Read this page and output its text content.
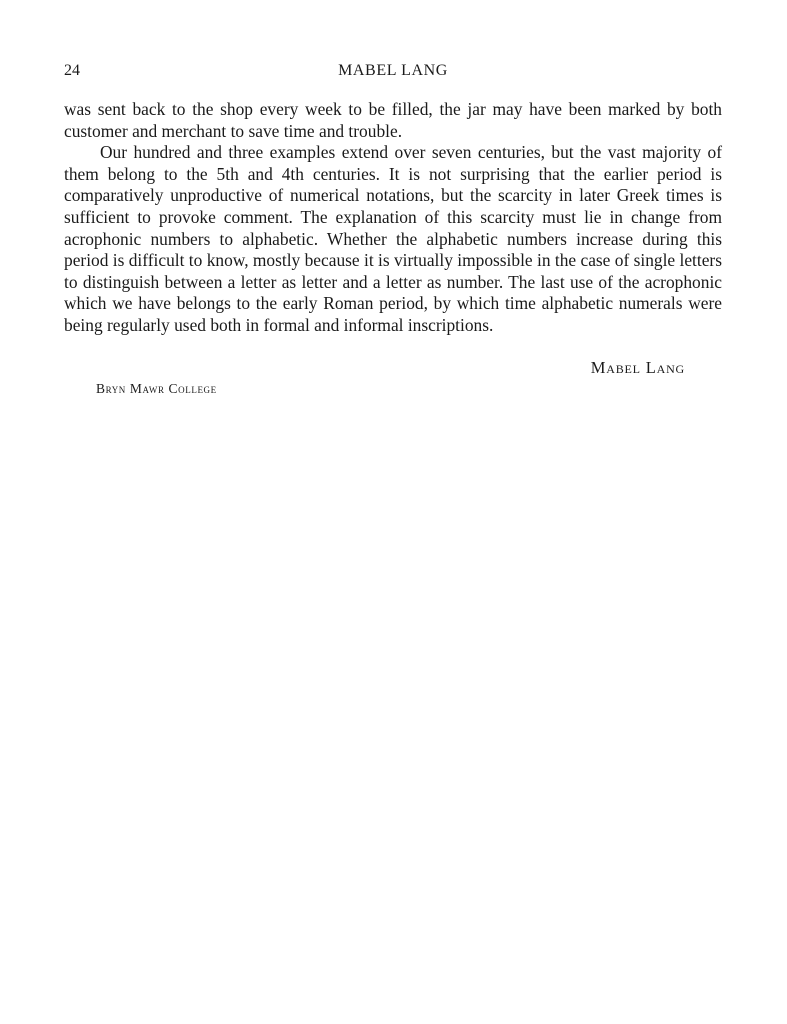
24	MABEL LANG

was sent back to the shop every week to be filled, the jar may have been marked by both customer and merchant to save time and trouble.

Our hundred and three examples extend over seven centuries, but the vast majority of them belong to the 5th and 4th centuries. It is not surprising that the earlier period is comparatively unproductive of numerical notations, but the scarcity in later Greek times is sufficient to provoke comment. The explanation of this scarcity must lie in change from acrophonic numbers to alphabetic. Whether the alphabetic numbers increase during this period is difficult to know, mostly because it is virtually impossible in the case of single letters to distinguish between a letter as letter and a letter as number. The last use of the acrophonic which we have belongs to the early Roman period, by which time alphabetic numerals were being regularly used both in formal and informal inscriptions.

Mabel Lang
Bryn Mawr College
